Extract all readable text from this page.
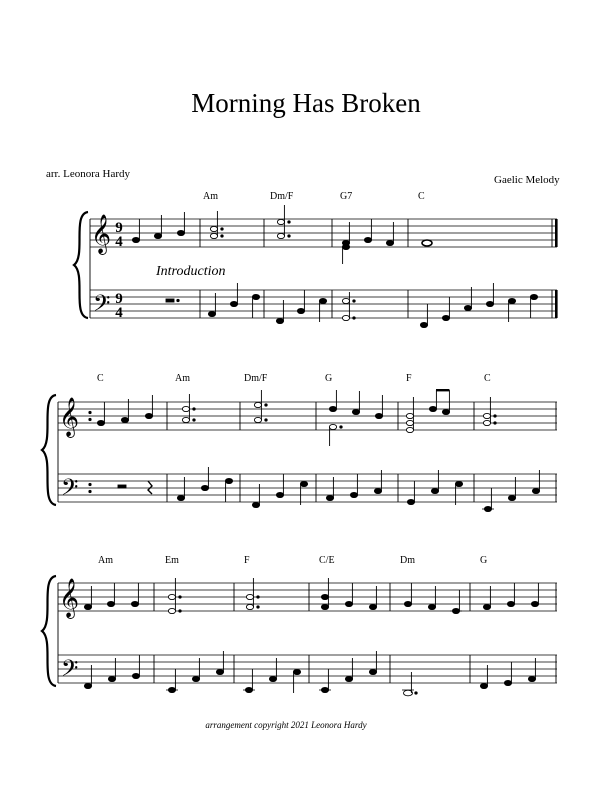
Morning Has Broken
arr. Leonora Hardy	Gaelic Melody
Am	Dm/F	G7	C
𝄞
𝄢
9
4
9
4
Introduction
C	Am	Dm/F	G	F	C
𝄞
𝄢
Am	Em	F	C/E	Dm	G
𝄞
𝄢
arrangement copyright 2021 Leonora Hardy
